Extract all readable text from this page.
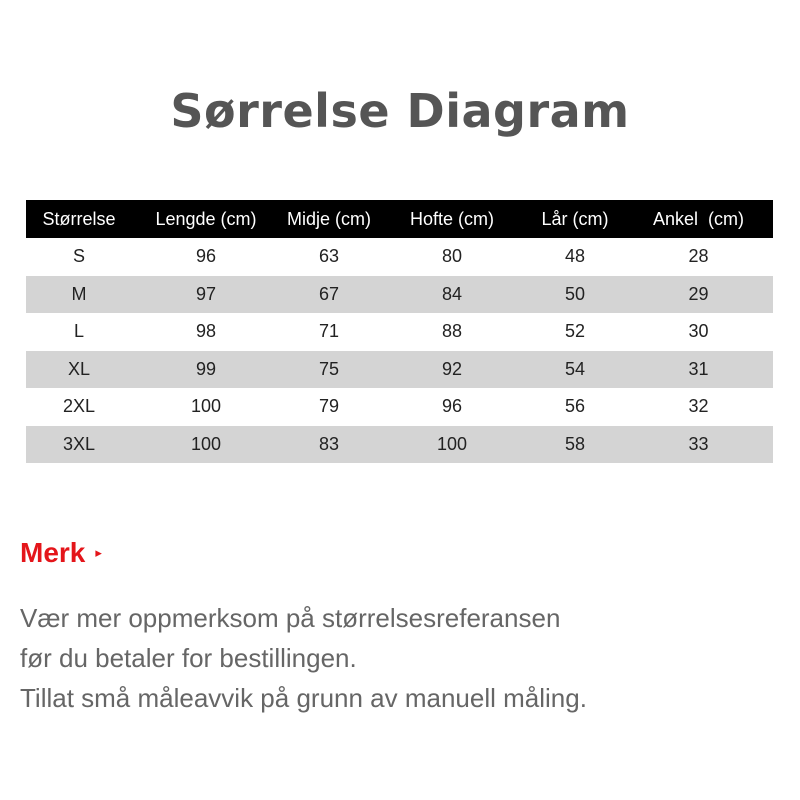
Sørrelse Diagram
Størrelse	Lengde (cm)	Midje (cm)	Hofte (cm)	Lår (cm)	Ankel  (cm)
S	96	63	80	48	28
M	97	67	84	50	29
L	98	71	88	52	30
XL	99	75	92	54	31
2XL	100	79	96	56	32
3XL	100	83	100	58	33
Merk ▸
Vær mer oppmerksom på størrelsesreferansen
før du betaler for bestillingen.
Tillat små måleavvik på grunn av manuell måling.
